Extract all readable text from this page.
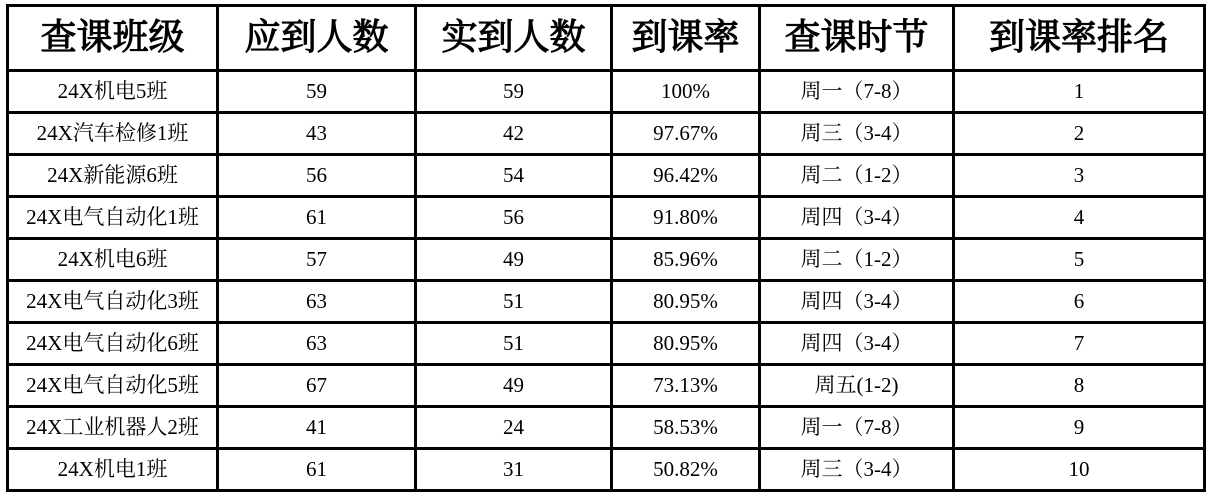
查课班级	应到人数	实到人数	到课率	查课时节	到课率排名
24X机电5班	59	59	100%	周一（7-8）	1
24X汽车检修1班	43	42	97.67%	周三（3-4）	2
24X新能源6班	56	54	96.42%	周二（1-2）	3
24X电气自动化1班	61	56	91.80%	周四（3-4）	4
24X机电6班	57	49	85.96%	周二（1-2）	5
24X电气自动化3班	63	51	80.95%	周四（3-4）	6
24X电气自动化6班	63	51	80.95%	周四（3-4）	7
24X电气自动化5班	67	49	73.13%	周五(1-2)	8
24X工业机器人2班	41	24	58.53%	周一（7-8）	9
24X机电1班	61	31	50.82%	周三（3-4）	10
